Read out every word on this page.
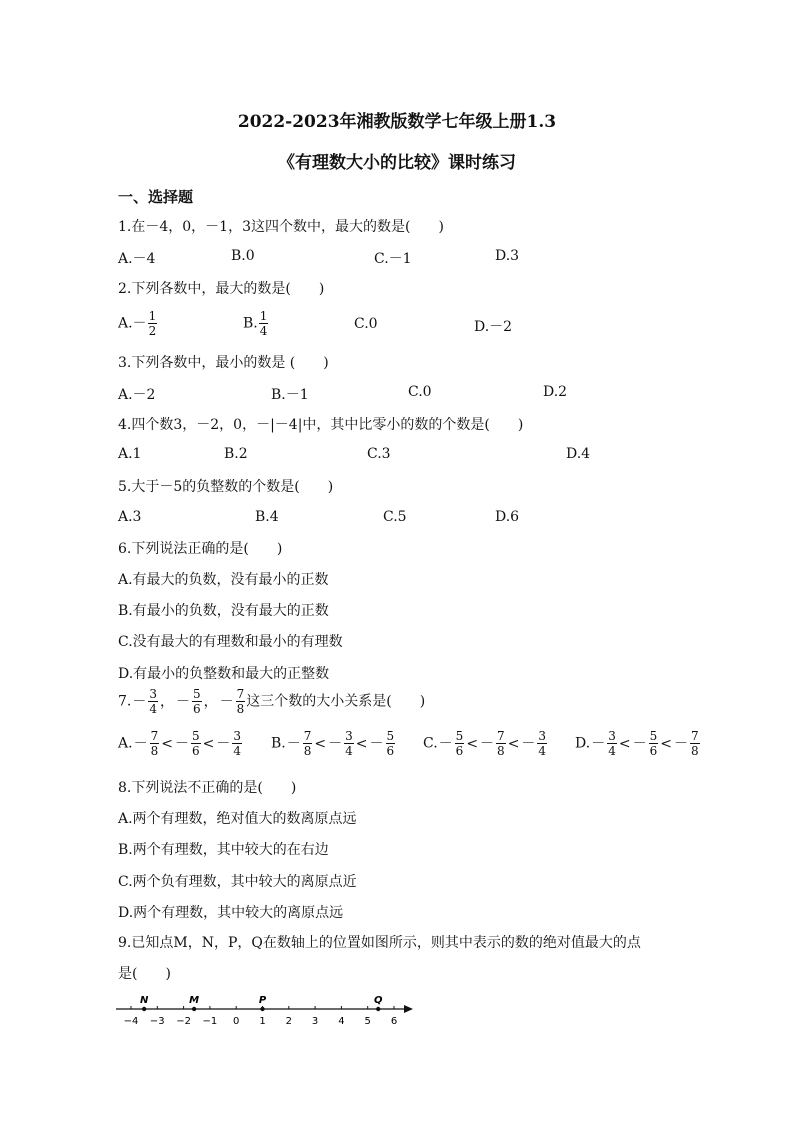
2022-2023年湘教版数学七年级上册1.3
《有理数大小的比较》课时练习
一、选择题
1.在－4，0，－1，3这四个数中，最大的数是(　　)
A.－4	B.0	C.－1	D.3
2.下列各数中，最大的数是(　　)
$A.- \frac{1}{2}$	B. $\frac{1}{4}$	C.0	D.－2
3.下列各数中，最小的数是 (　　)
A.－2	B.－1	C.0	D.2
4.四个数3，－2，0，－|－4|中，其中比零小的数的个数是(　　)
A.1	B.2	C.3	D.4
5.大于－5的负整数的个数是(　　)
A.3	B.4	C.5	D.6
6.下列说法正确的是(　　)
A.有最大的负数，没有最小的正数
B.有最小的负数，没有最大的正数
C.没有最大的有理数和最小的有理数
D.有最小的负整数和最大的正整数
$7.- \frac{3}{4}$ ， － $\frac{5}{6}$ ， － $\frac{7}{8}$ 这三个数的大小关系是(　　)
$A.- \frac{7}{8}$ < － $\frac{5}{6}$ < － $\frac{3}{4} B.- \frac{7}{8}$ < － $\frac{3}{4}$ < － $\frac{5}{6} C.- \frac{5}{6}$ < － $\frac{7}{8}$ < － $\frac{3}{4} D.- \frac{3}{4}$ < － $\frac{5}{6}$ < － $\frac{7}{8}$
8.下列说法不正确的是(　　)
A.两个有理数，绝对值大的数离原点远
B.两个有理数，其中较大的在右边
C.两个负有理数，其中较大的离原点近
D.两个有理数，其中较大的离原点远
9.已知点M，N，P，Q在数轴上的位置如图所示，则其中表示的数的绝对值最大的点
是(　　)
−4 −3 −2 −1 0 1 2 3 4 5 6
N	M	P	Q
